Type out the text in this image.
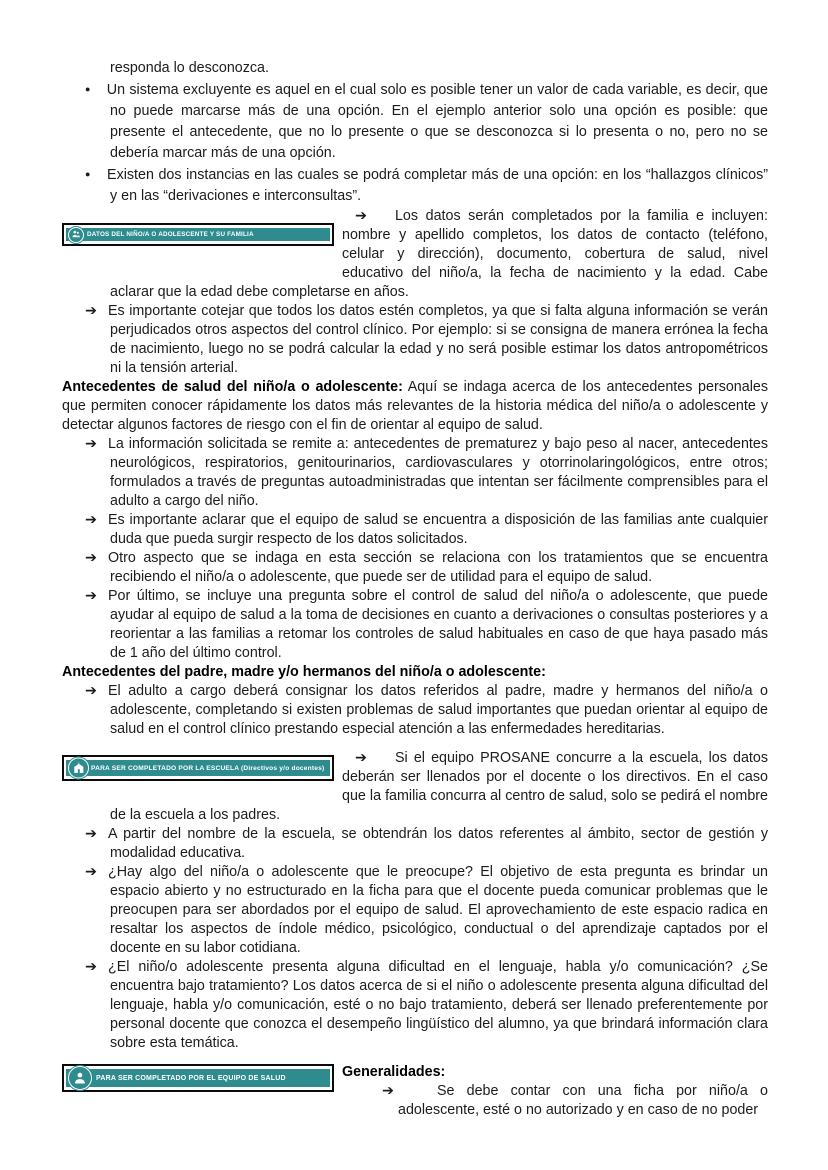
responda lo desconozca.

● Un sistema excluyente es aquel en el cual solo es posible tener un valor de cada variable, es decir, que no puede marcarse más de una opción. En el ejemplo anterior solo una opción es posible: que presente el antecedente, que no lo presente o que se desconozca si lo presenta o no, pero no se debería marcar más de una opción.
● Existen dos instancias en las cuales se podrá completar más de una opción: en los “hallazgos clínicos” y en las “derivaciones e interconsultas”.
DATOS DEL NIÑO/A O ADOLESCENTE Y SU FAMILIA

➔ Los datos serán completados por la familia e incluyen: nombre y apellido completos, los datos de contacto (teléfono, celular y dirección), documento, cobertura de salud, nivel educativo del niño/a, la fecha de nacimiento y la edad. Cabe aclarar que la edad debe completarse en años.

➔ Es importante cotejar que todos los datos estén completos, ya que si falta alguna información se verán perjudicados otros aspectos del control clínico. Por ejemplo: si se consigna de manera errónea la fecha de nacimiento, luego no se podrá calcular la edad y no será posible estimar los datos antropométricos ni la tensión arterial.

Antecedentes de salud del niño/a o adolescente: Aquí se indaga acerca de los antecedentes personales que permiten conocer rápidamente los datos más relevantes de la historia médica del niño/a o adolescente y detectar algunos factores de riesgo con el fin de orientar al equipo de salud.

➔ La información solicitada se remite a: antecedentes de prematurez y bajo peso al nacer, antecedentes neurológicos, respiratorios, genitourinarios, cardiovasculares y otorrinolaringológicos, entre otros; formulados a través de preguntas autoadministradas que intentan ser fácilmente comprensibles para el adulto a cargo del niño.
➔ Es importante aclarar que el equipo de salud se encuentra a disposición de las familias ante cualquier duda que pueda surgir respecto de los datos solicitados.
➔ Otro aspecto que se indaga en esta sección se relaciona con los tratamientos que se encuentra recibiendo el niño/a o adolescente, que puede ser de utilidad para el equipo de salud.
➔ Por último, se incluye una pregunta sobre el control de salud del niño/a o adolescente, que puede ayudar al equipo de salud a la toma de decisiones en cuanto a derivaciones o consultas posteriores y a reorientar a las familias a retomar los controles de salud habituales en caso de que haya pasado más de 1 año del último control.

Antecedentes del padre, madre y/o hermanos del niño/a o adolescente:

➔ El adulto a cargo deberá consignar los datos referidos al padre, madre y hermanos del niño/a o adolescente, completando si existen problemas de salud importantes que puedan orientar al equipo de salud en el control clínico prestando especial atención a las enfermedades hereditarias.
PARA SER COMPLETADO POR LA ESCUELA (Directivos y/o docentes)

➔ Si el equipo PROSANE concurre a la escuela, los datos deberán ser llenados por el docente o los directivos. En el caso que la familia concurra al centro de salud, solo se pedirá el nombre de la escuela a los padres.

➔ A partir del nombre de la escuela, se obtendrán los datos referentes al ámbito, sector de gestión y modalidad educativa.
➔ ¿Hay algo del niño/a o adolescente que le preocupe? El objetivo de esta pregunta es brindar un espacio abierto y no estructurado en la ficha para que el docente pueda comunicar problemas que le preocupen para ser abordados por el equipo de salud. El aprovechamiento de este espacio radica en resaltar los aspectos de índole médico, psicológico, conductual o del aprendizaje captados por el docente en su labor cotidiana.
➔ ¿El niño/o adolescente presenta alguna dificultad en el lenguaje, habla y/o comunicación? ¿Se encuentra bajo tratamiento? Los datos acerca de si el niño o adolescente presenta alguna dificultad del lenguaje, habla y/o comunicación, esté o no bajo tratamiento, deberá ser llenado preferentemente por personal docente que conozca el desempeño lingüístico del alumno, ya que brindará información clara sobre esta temática.
PARA SER COMPLETADO POR EL EQUIPO DE SALUD	Generalidades:

➔	Se debe contar con una ficha por niño/a o adolescente, esté o no autorizado y en caso de no poder
